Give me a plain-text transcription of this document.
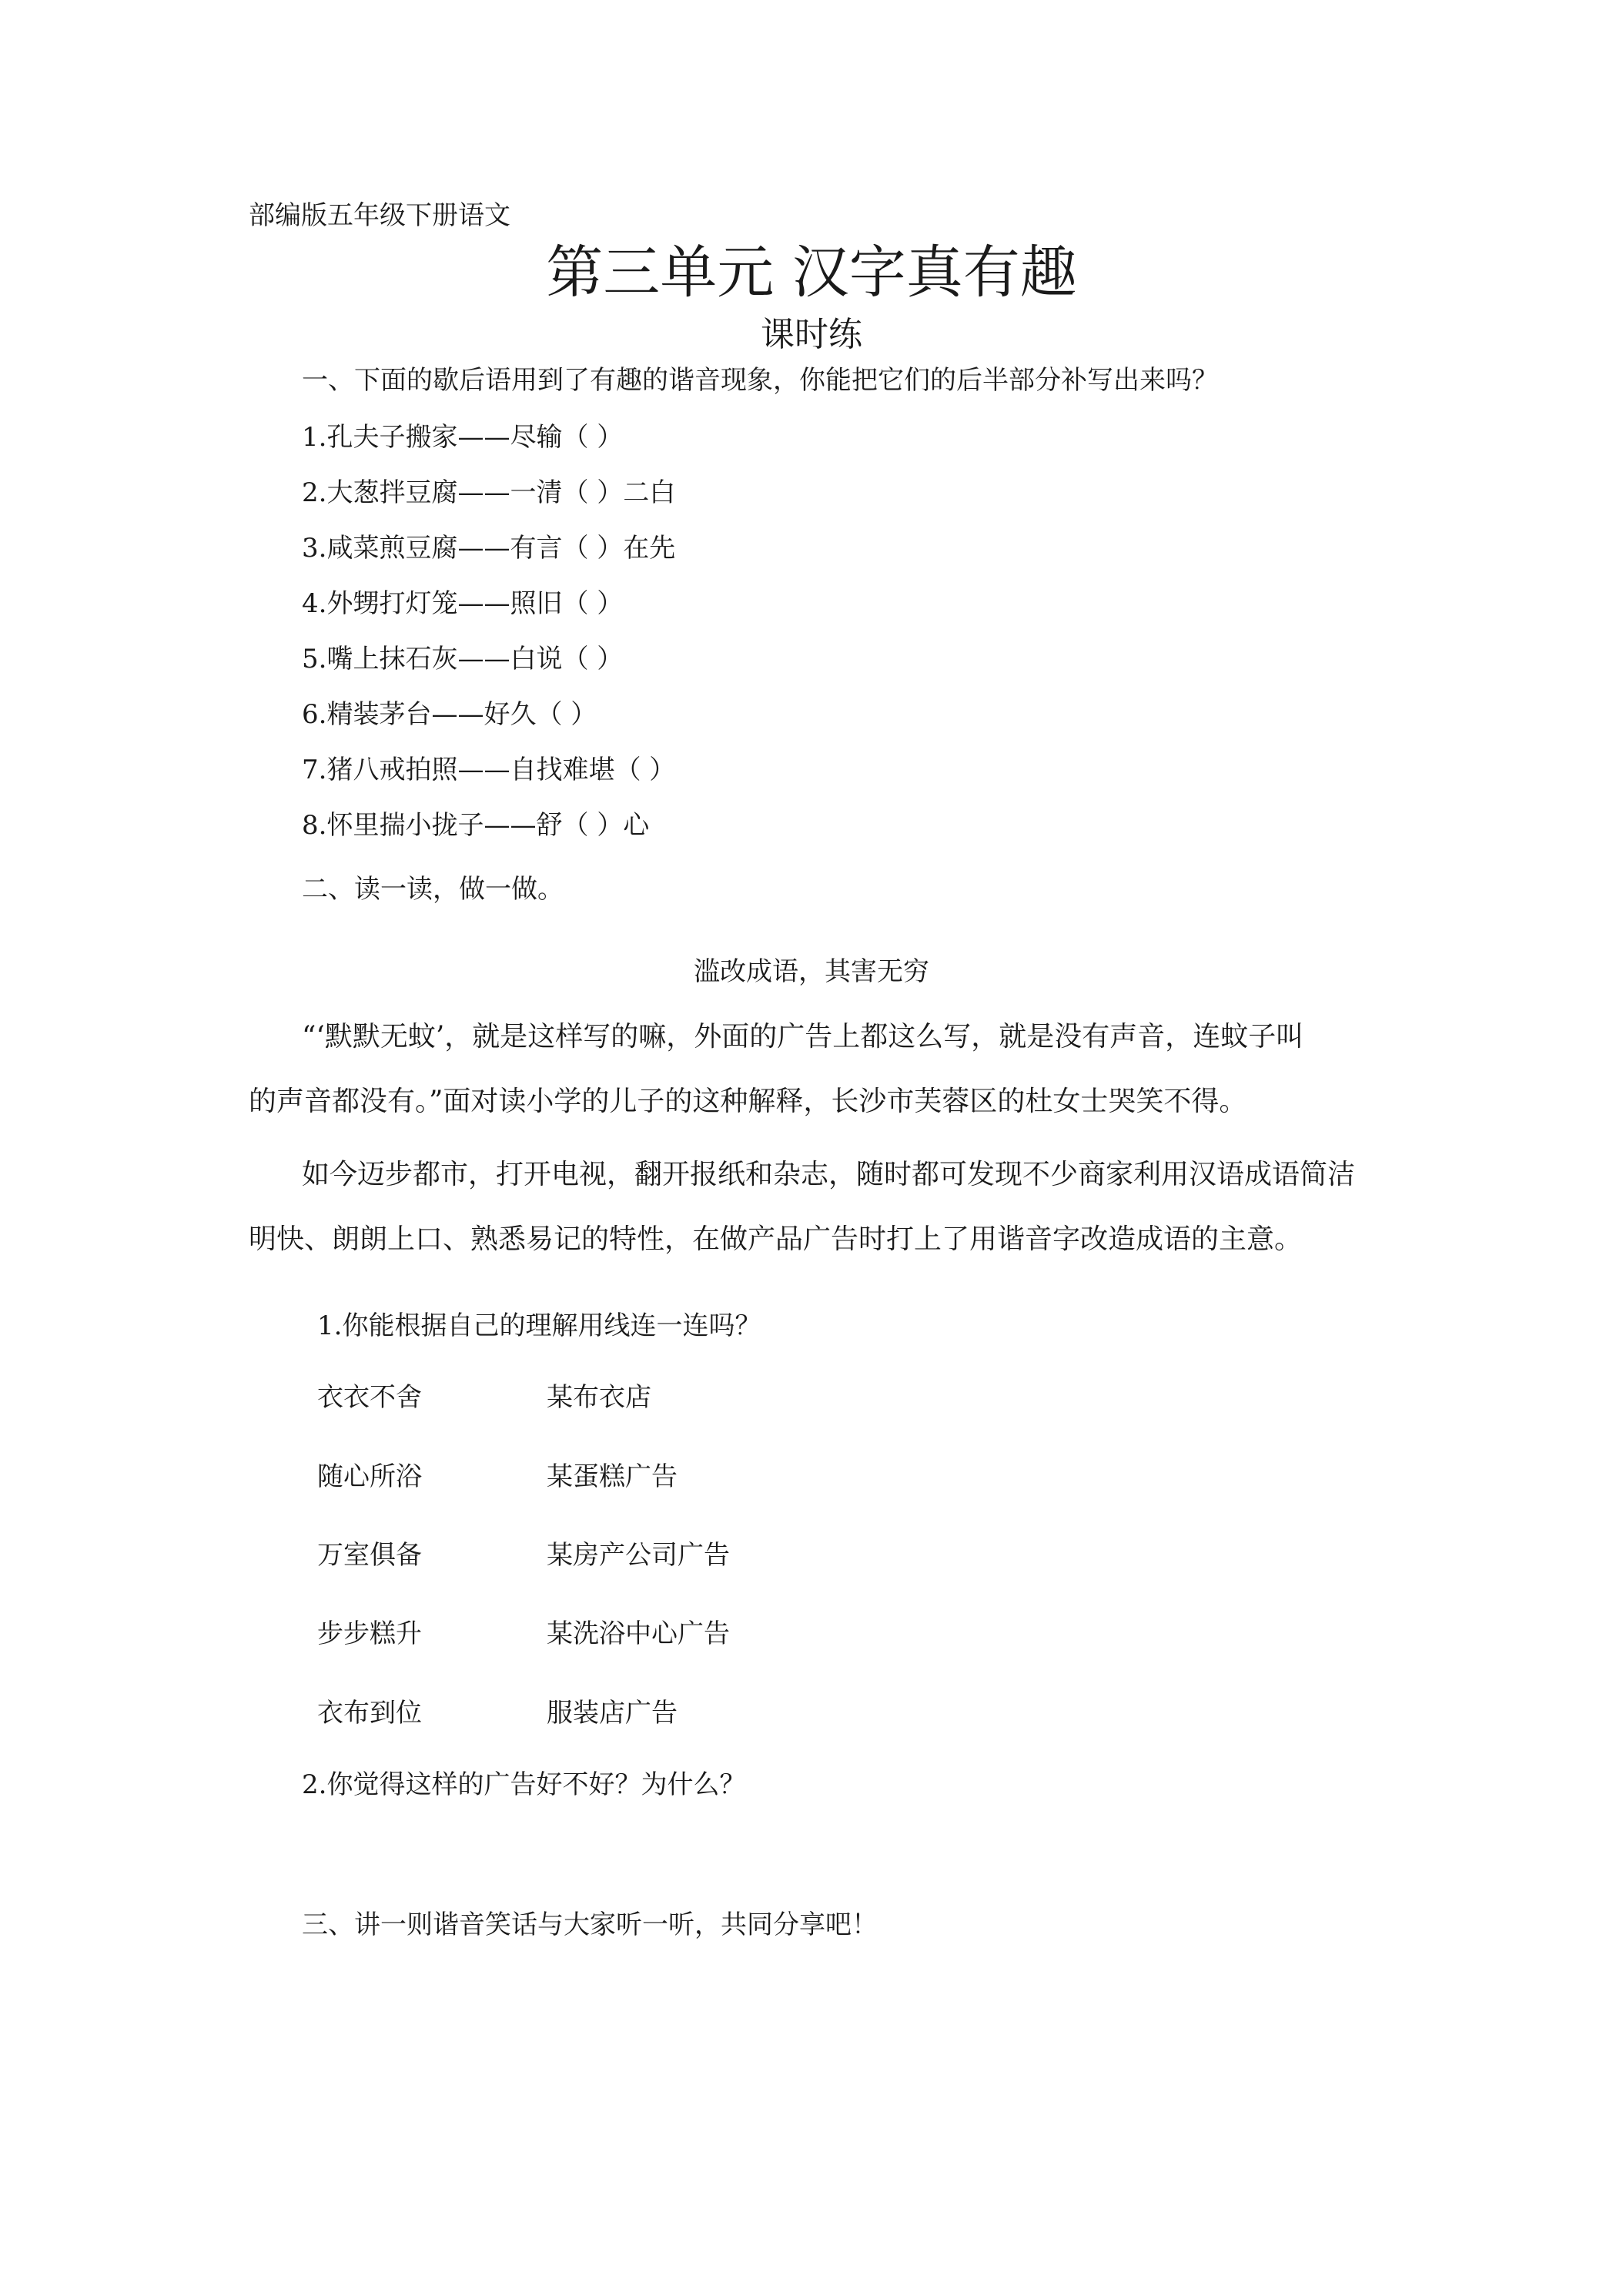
部编版五年级下册语文
第三单元 汉字真有趣
课时练
一、下面的歇后语用到了有趣的谐音现象，你能把它们的后半部分补写出来吗？
1.孔夫子搬家——尽输（ ）
2.大葱拌豆腐——一清（ ）二白
3.咸菜煎豆腐——有言（ ）在先
4.外甥打灯笼——照旧（ ）
5.嘴上抹石灰——白说（ ）
6.精装茅台——好久（ ）
7.猪八戒拍照——自找难堪（ ）
8.怀里揣小拢子——舒（ ）心
二、读一读，做一做。
滥改成语，其害无穷
“‘默默无蚊’，就是这样写的嘛，外面的广告上都这么写，就是没有声音，连蚊子叫
的声音都没有。”面对读小学的儿子的这种解释，长沙市芙蓉区的杜女士哭笑不得。
如今迈步都市，打开电视，翻开报纸和杂志，随时都可发现不少商家利用汉语成语简洁
明快、朗朗上口、熟悉易记的特性，在做产品广告时打上了用谐音字改造成语的主意。
1.你能根据自己的理解用线连一连吗？
衣衣不舍	某布衣店
随心所浴	某蛋糕广告
万室俱备	某房产公司广告
步步糕升	某洗浴中心广告
衣布到位	服装店广告
2.你觉得这样的广告好不好？为什么？
三、讲一则谐音笑话与大家听一听，共同分享吧！
